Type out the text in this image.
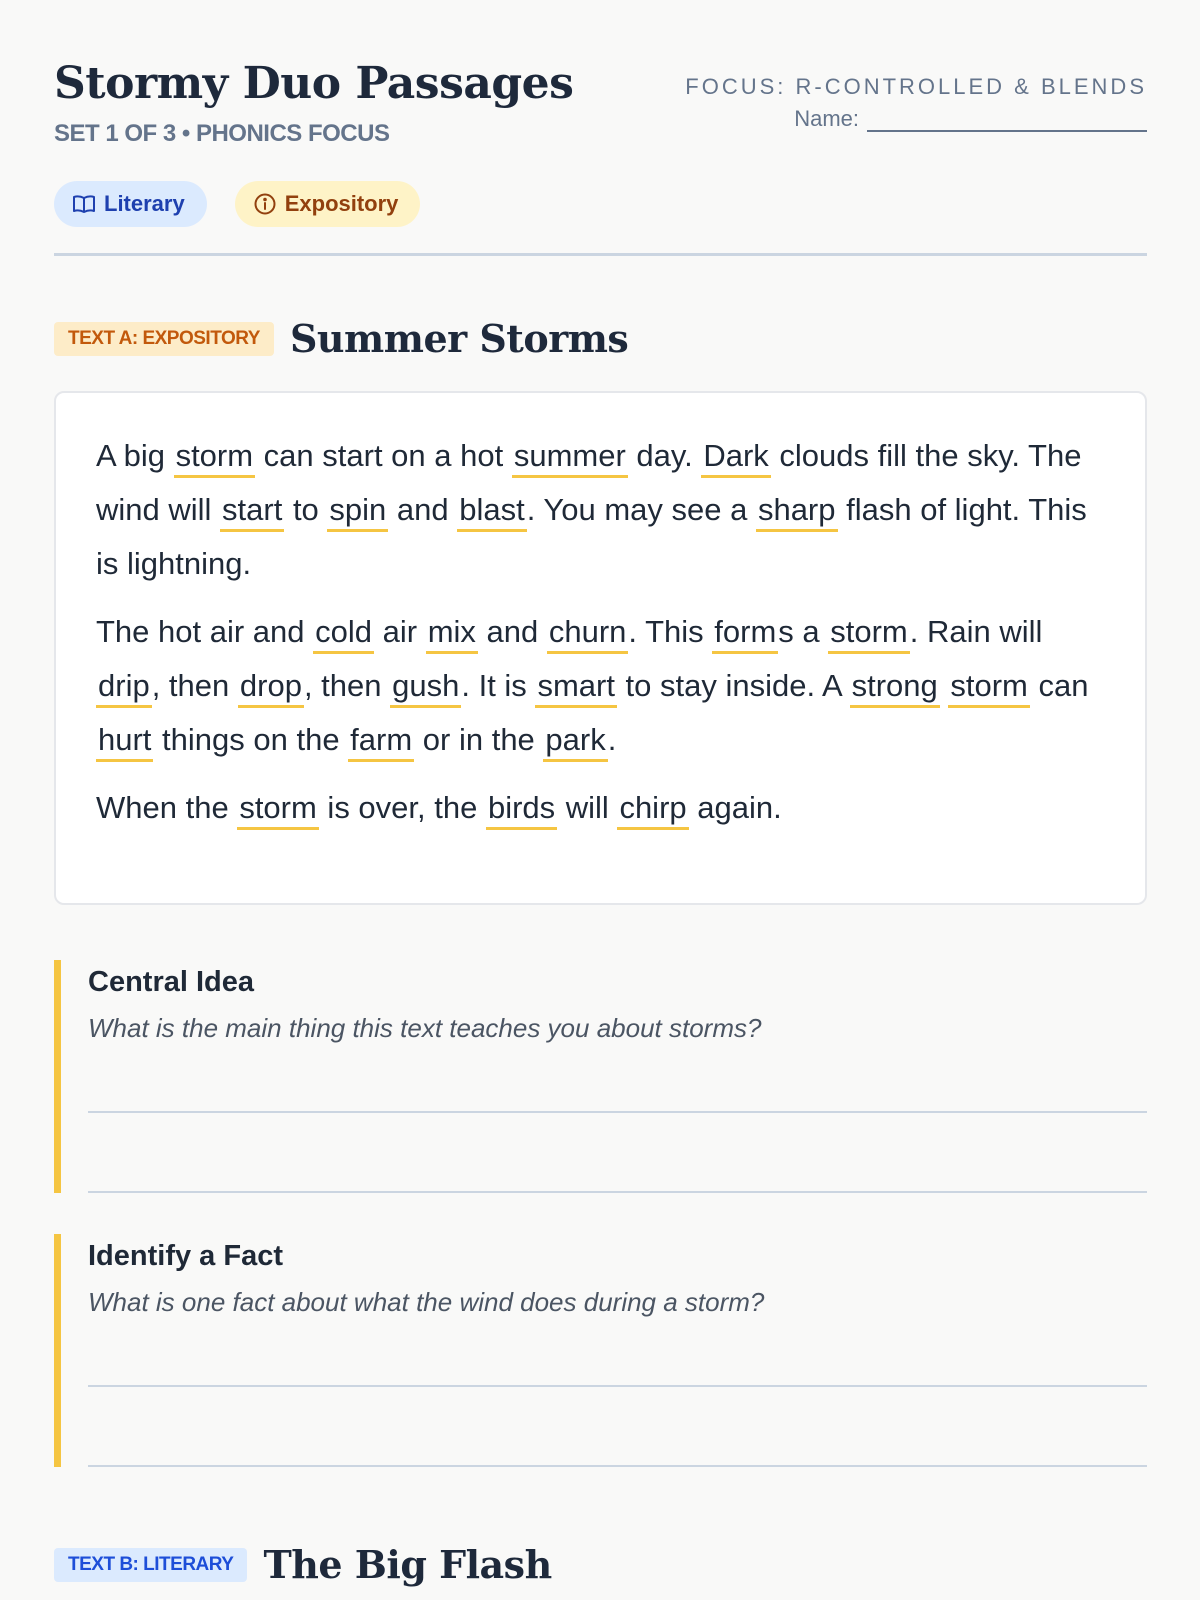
Stormy Duo Passages
SET 1 OF 3 • PHONICS FOCUS
FOCUS: R-CONTROLLED & BLENDS
Name:
Literary	Expository
TEXT A: EXPOSITORY Summer Storms

A big storm can start on a hot summer day. Dark clouds fill the sky. The wind will start to spin and blast. You may see a sharp flash of light. This is lightning.

The hot air and cold air mix and churn. This forms a storm. Rain will drip, then drop, then gush. It is smart to stay inside. A strong storm can hurt things on the farm or in the park.

When the storm is over, the birds will chirp again.

Central Idea
What is the main thing this text teaches you about storms?
Identify a Fact
What is one fact about what the wind does during a storm?
TEXT B: LITERARY The Big Flash
